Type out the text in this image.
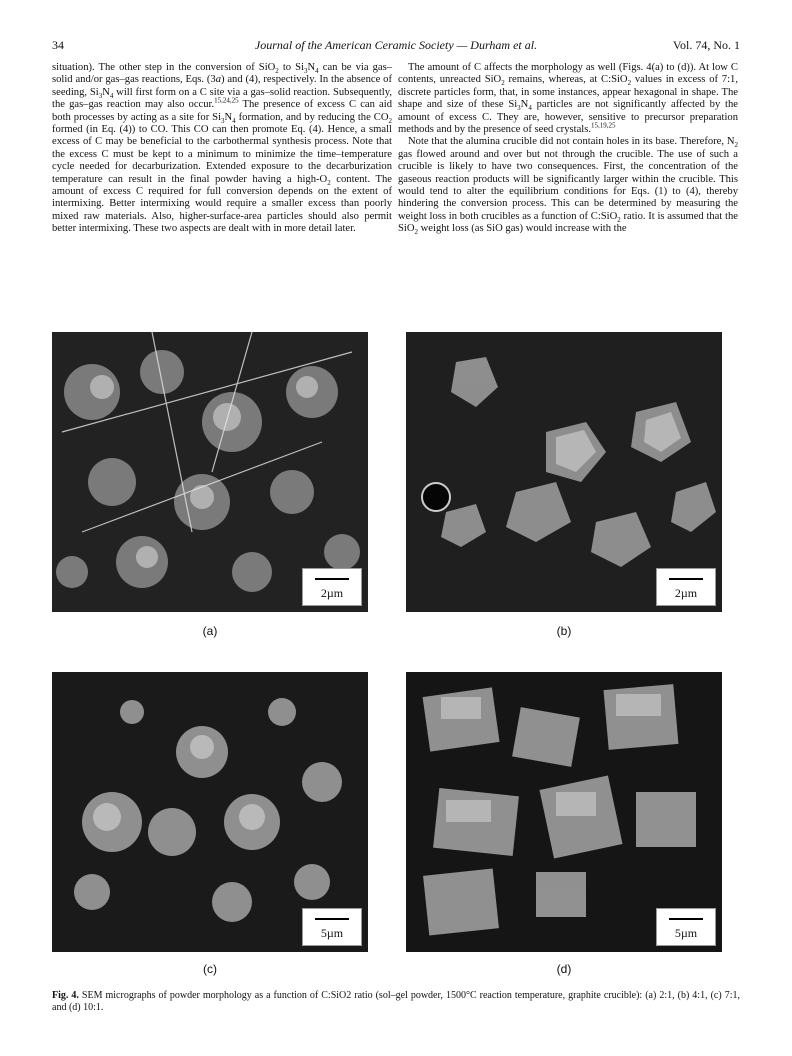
34	Journal of the American Ceramic Society — Durham et al.	Vol. 74, No. 1

situation). The other step in the conversion of SiO$_2$ to $Si_3N_4$ can be via gas–solid and/or gas–gas reactions, Eqs. (3a) and (4), respectively. In the absence of seeding, $Si_3N_4$ will first form on a C site via a gas–solid reaction. Subsequently, the gas–gas reaction may also occur.$^{15,24,25}$ The presence of excess C can aid both processes by acting as a site for $Si_3N_4$ formation, and by reducing the $CO_2$ formed (in Eq. (4)) to CO. This CO can then promote Eq. (4). Hence, a small excess of C may be beneficial to the carbothermal synthesis process. Note that the excess C must be kept to a minimum to minimize the time–temperature cycle needed for decarburization. Extended exposure to the decarburization temperature can result in the final powder having a high-$O_2$ content. The amount of excess C required for full conversion depends on the extent of intermixing. Better intermixing would require a smaller excess than poorly mixed raw materials. Also, higher-surface-area particles should also permit better intermixing. These two aspects are dealt with in more detail later.

The amount of C affects the morphology as well (Figs. 4(a) to (d)). At low C contents, unreacted SiO$_2$ remains, whereas, at C:SiO$_2$ values in excess of 7:1, discrete particles form, that, in some instances, appear hexagonal in shape. The shape and size of these $Si_3N_4$ particles are not significantly affected by the amount of excess C. They are, however, sensitive to precursor preparation methods and by the presence of seed crystals.$^{15,19,25}$

Note that the alumina crucible did not contain holes in its base. Therefore, $N_2$ gas flowed around and over but not through the crucible. The use of such a crucible is likely to have two consequences. First, the concentration of the gaseous reaction products will be significantly larger within the crucible. This would tend to alter the equilibrium conditions for Eqs. (1) to (4), thereby hindering the conversion process. This can be determined by measuring the weight loss in both crucibles as a function of C:SiO$_2$ ratio. It is assumed that the SiO$_2$ weight loss (as SiO gas) would increase with the

2µm
(a)
2µm
(b)
5µm
(c)
5µm
(d)
Fig. 4. SEM micrographs of powder morphology as a function of C:SiO2 ratio (sol–gel powder, 1500°C reaction temperature, graphite crucible): (a) 2:1, (b) 4:1, (c) 7:1, and (d) 10:1.
